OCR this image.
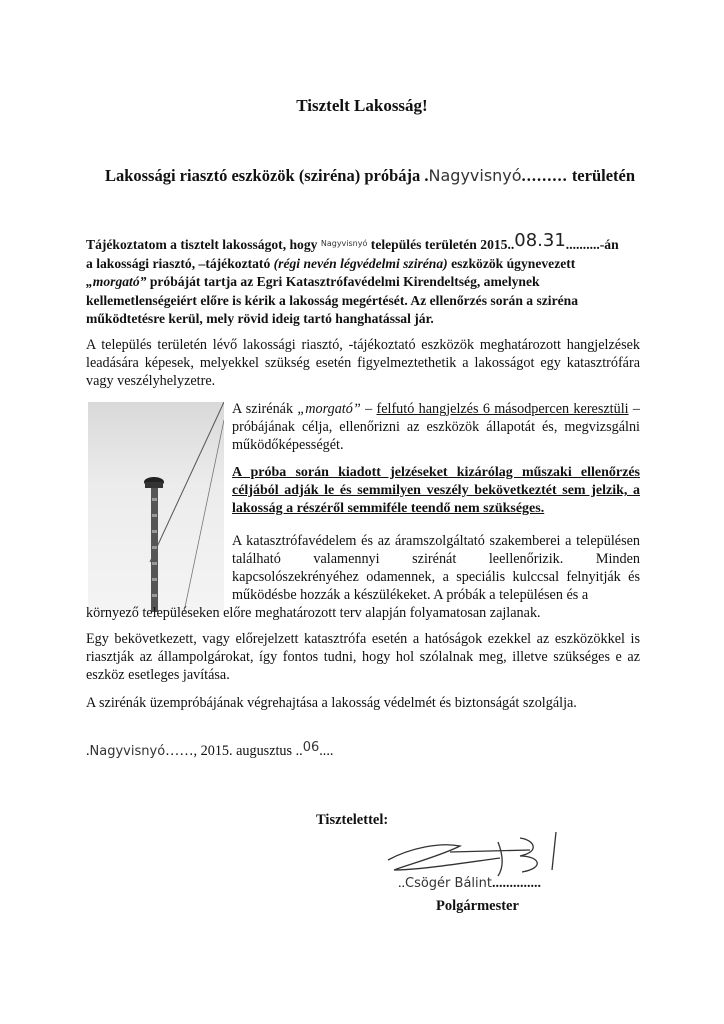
Tisztelt Lakosság!
Lakossági riasztó eszközök (sziréna) próbája .Nagyvisnyó......... területén
Tájékoztatom a tisztelt lakosságot, hogy $^{Nagyvisnyó}$ település területén 2015..08.31..........-án
a lakossági riasztó, –tájékoztató (régi nevén légvédelmi sziréna) eszközök úgynevezett
„morgató” próbáját tartja az Egri Katasztrófavédelmi Kirendeltség, amelynek
kellemetlenségeiért előre is kérik a lakosság megértését. Az ellenőrzés során a sziréna
működtetésre kerül, mely rövid ideig tartó hanghatással jár.

A település területén lévő lakossági riasztó, -tájékoztató eszközök meghatározott hangjelzések leadására képesek, melyekkel szükség esetén figyelmeztethetik a lakosságot egy katasztrófára vagy veszélyhelyzetre.

A szirénák „morgató” – felfutó hangjelzés 6 másodpercen keresztüli – próbájának célja, ellenőrizni az eszközök állapotát és, megvizsgálni működőképességét.

A próba során kiadott jelzéseket kizárólag műszaki ellenőrzés céljából adják le és semmilyen veszély bekövetkeztét sem jelzik, a lakosság a részéről semmiféle teendő nem szükséges.

A katasztrófavédelem és az áramszolgáltató szakemberei a településen található valamennyi szirénát leellenőrizik. Minden kapcsolószekrényéhez odamennek, a speciális kulccsal felnyitják és működésbe hozzák a készülékeket. A próbák a településen és a

környező településeken előre meghatározott terv alapján folyamatosan zajlanak.

Egy bekövetkezett, vagy előrejelzett katasztrófa esetén a hatóságok ezekkel az eszközökkel is riasztják az állampolgárokat, így fontos tudni, hogy hol szólalnak meg, illetve szükséges e az eszköz esetleges javítása.

A szirénák üzempróbájának végrehajtása a lakosság védelmét és biztonságát szolgálja.

.Nagyvisnyó……, 2015. augusztus ..06....
Tisztelettel:
..Csögér Bálint..............
Polgármester
